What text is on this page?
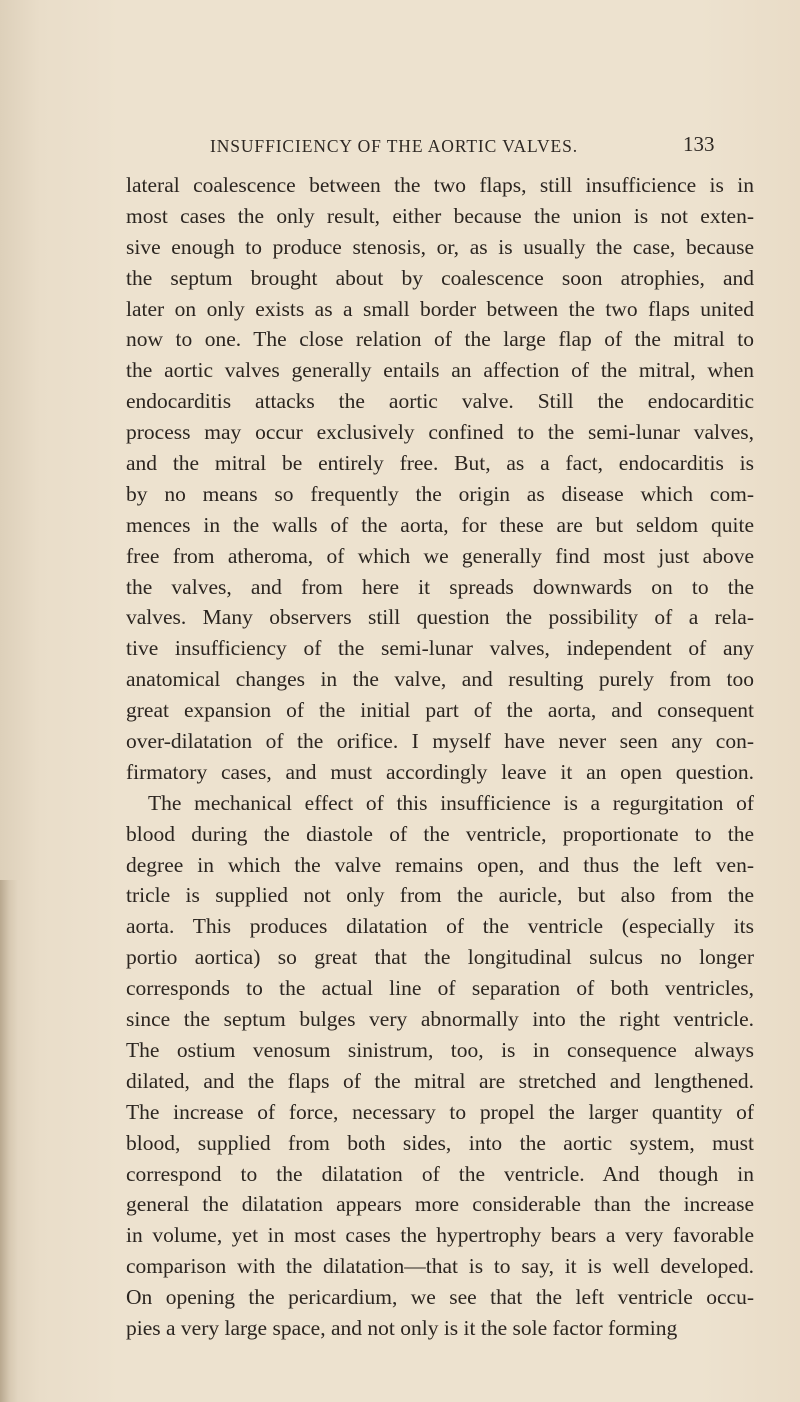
INSUFFICIENCY OF THE AORTIC VALVES.	133
lateral coalescence between the two flaps, still insufficience is in
most cases the only result, either because the union is not exten-
sive enough to produce stenosis, or, as is usually the case, because
the septum brought about by coalescence soon atrophies, and
later on only exists as a small border between the two flaps united
now to one. The close relation of the large flap of the mitral to
the aortic valves generally entails an affection of the mitral, when
endocarditis attacks the aortic valve. Still the endocarditic
process may occur exclusively confined to the semi-lunar valves,
and the mitral be entirely free. But, as a fact, endocarditis is
by no means so frequently the origin as disease which com-
mences in the walls of the aorta, for these are but seldom quite
free from atheroma, of which we generally find most just above
the valves, and from here it spreads downwards on to the
valves. Many observers still question the possibility of a rela-
tive insufficiency of the semi-lunar valves, independent of any
anatomical changes in the valve, and resulting purely from too
great expansion of the initial part of the aorta, and consequent
over-dilatation of the orifice. I myself have never seen any con-
firmatory cases, and must accordingly leave it an open question.
The mechanical effect of this insufficience is a regurgitation of
blood during the diastole of the ventricle, proportionate to the
degree in which the valve remains open, and thus the left ven-
tricle is supplied not only from the auricle, but also from the
aorta. This produces dilatation of the ventricle (especially its
portio aortica) so great that the longitudinal sulcus no longer
corresponds to the actual line of separation of both ventricles,
since the septum bulges very abnormally into the right ventricle.
The ostium venosum sinistrum, too, is in consequence always
dilated, and the flaps of the mitral are stretched and lengthened.
The increase of force, necessary to propel the larger quantity of
blood, supplied from both sides, into the aortic system, must
correspond to the dilatation of the ventricle. And though in
general the dilatation appears more considerable than the increase
in volume, yet in most cases the hypertrophy bears a very favorable
comparison with the dilatation—that is to say, it is well developed.
On opening the pericardium, we see that the left ventricle occu-
pies a very large space, and not only is it the sole factor forming
